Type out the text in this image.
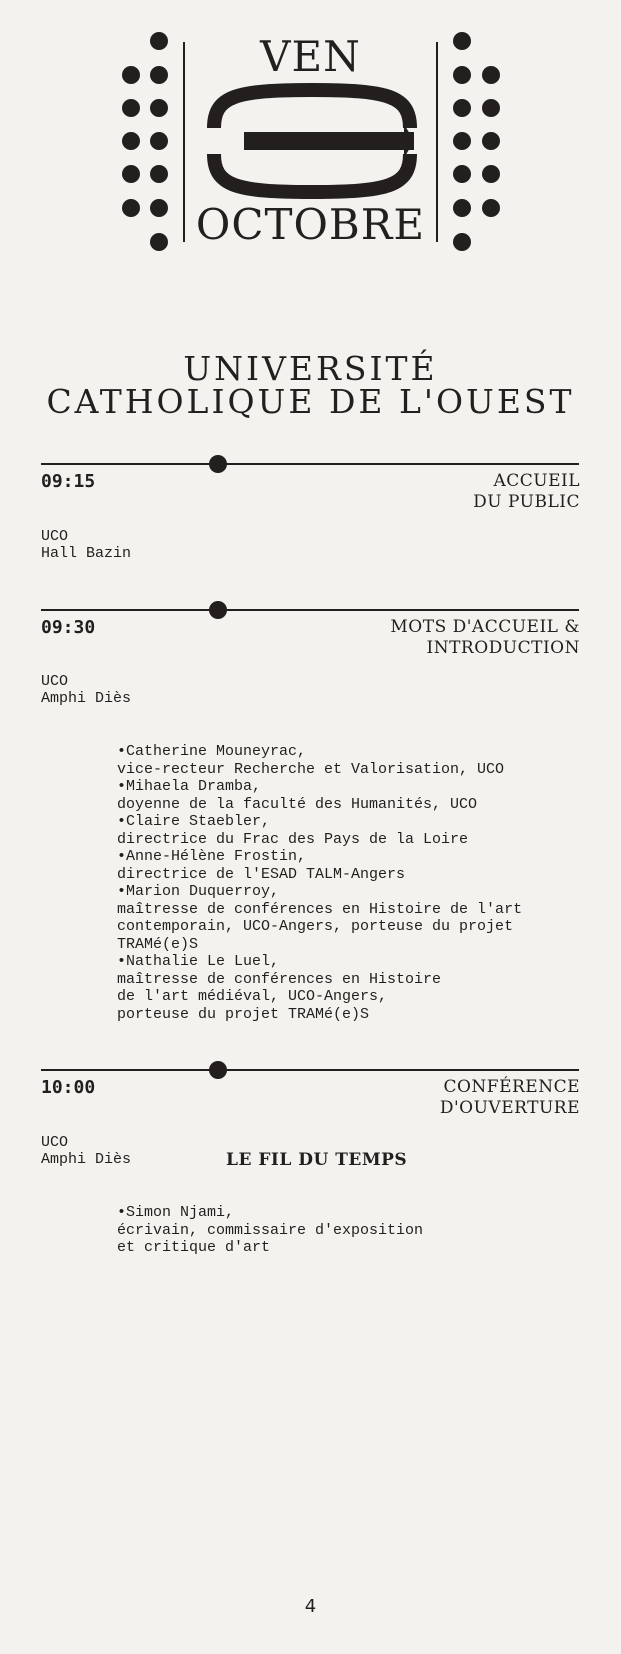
VEN
OCTOBRE
UNIVERSITÉ
CATHOLIQUE DE L'OUEST
09:15	ACCUEIL
DU PUBLIC
UCO
Hall Bazin
09:30	MOTS D'ACCUEIL &
INTRODUCTION
UCO
Amphi Diès
• Catherine Mouneyrac,
vice-recteur Recherche et Valorisation, UCO
• Mihaela Dramba,
doyenne de la faculté des Humanités, UCO
• Claire Staebler,
directrice du Frac des Pays de la Loire
• Anne-Hélène Frostin,
directrice de l'ESAD TALM-Angers
• Marion Duquerroy,
maîtresse de conférences en Histoire de l'art
contemporain, UCO-Angers, porteuse du projet
TRAMé(e)S
• Nathalie Le Luel,
maîtresse de conférences en Histoire
de l'art médiéval, UCO-Angers,
porteuse du projet TRAMé(e)S
10:00	CONFÉRENCE
D'OUVERTURE
UCO
Amphi Diès	LE FIL DU TEMPS
• Simon Njami,
écrivain, commissaire d'exposition
et critique d'art
4
